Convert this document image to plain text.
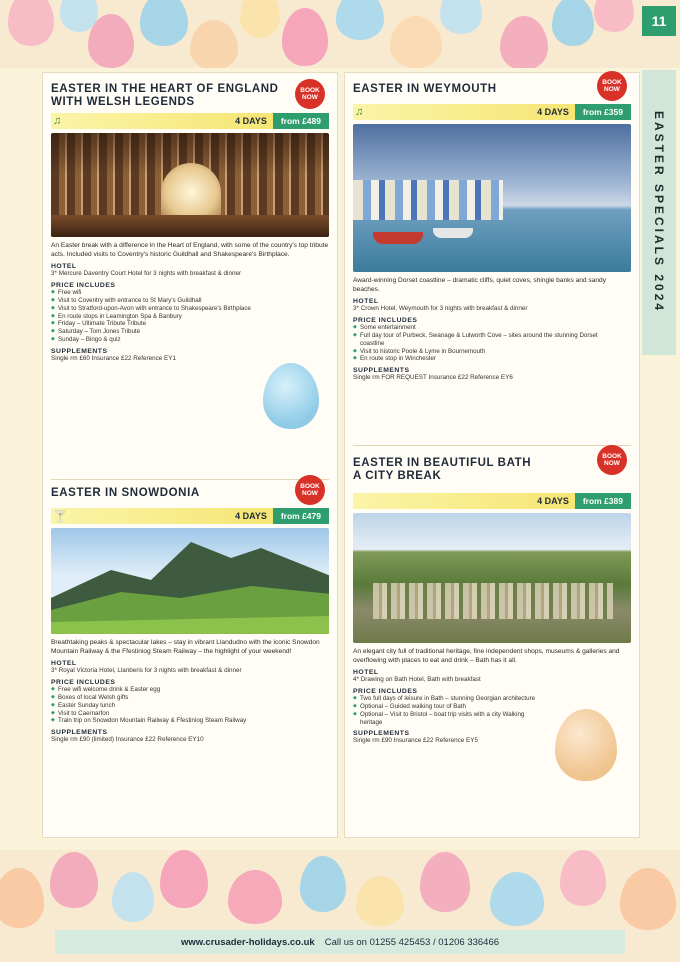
11
EASTER SPECIALS 2024
EASTER IN THE HEART OF ENGLAND
WITH WELSH LEGENDS
BOOK NOW
♫	4 DAYS	from £489

An Easter break with a difference in the Heart of England, with some of the country's top tribute acts. Included visits to Coventry's historic Guildhall and Shakespeare's Birthplace.

HOTEL
3* Mercure Daventry Court Hotel for 3 nights with breakfast & dinner
PRICE INCLUDES
◆ Free wifi
◆ Visit to Coventry with entrance to St Mary's Guildhall
◆ Visit to Stratford-upon-Avon with entrance to Shakespeare's Birthplace
◆ En route stops in Leamington Spa & Banbury
◆ Friday – Ultimate Tribute Tribute
◆ Saturday – Tom Jones Tribute
◆ Sunday – Bingo & quiz
SUPPLEMENTS
Single rm £60 Insurance £22 Reference EY1
EASTER IN SNOWDONIA
BOOK NOW
🍸	4 DAYS	from £479

Breathtaking peaks & spectacular lakes – stay in vibrant Llandudno with the iconic Snowdon Mountain Railway & the Ffestiniog Steam Railway – the highlight of your weekend!

HOTEL
3* Royal Victoria Hotel, Llanberis for 3 nights with breakfast & dinner
PRICE INCLUDES
◆ Free wifi welcome drink & Easter egg
◆ Boxes of local Welsh gifts
◆ Easter Sunday lunch
◆ Visit to Caernarfon
◆ Train trip on Snowdon Mountain Railway & Ffestiniog Steam Railway
SUPPLEMENTS
Single rm £90 (limited) Insurance £22 Reference EY10
EASTER IN WEYMOUTH
BOOK NOW
♫	4 DAYS	from £359

Award-winning Dorset coastline – dramatic cliffs, quiet coves, shingle banks and sandy beaches.

HOTEL
3* Crown Hotel, Weymouth for 3 nights with breakfast & dinner
PRICE INCLUDES
◆ Some entertainment
◆ Full day tour of Purbeck, Swanage & Lulworth Cove – sites around the stunning Dorset coastline
◆ Visit to historic Poole & Lyme in Bournemouth
◆ En route stop in Winchester
SUPPLEMENTS
Single rm FOR REQUEST Insurance £22 Reference EY6
EASTER IN BEAUTIFUL BATH
A CITY BREAK
BOOK NOW
4 DAYS	from £389

An elegant city full of traditional heritage, fine independent shops, museums & galleries and overflowing with places to eat and drink – Bath has it all.

HOTEL
4* Drawing on Bath Hotel, Bath with breakfast
PRICE INCLUDES
◆ Two full days of leisure in Bath – stunning Georgian architecture
◆ Optional – Guided walking tour of Bath
◆ Optional – Visit to Bristol – boat trip visits with a city Walking heritage
SUPPLEMENTS
Single rm £90 Insurance £22 Reference EY5
www.crusader-holidays.co.uk Call us on 01255 425453 / 01206 336466
